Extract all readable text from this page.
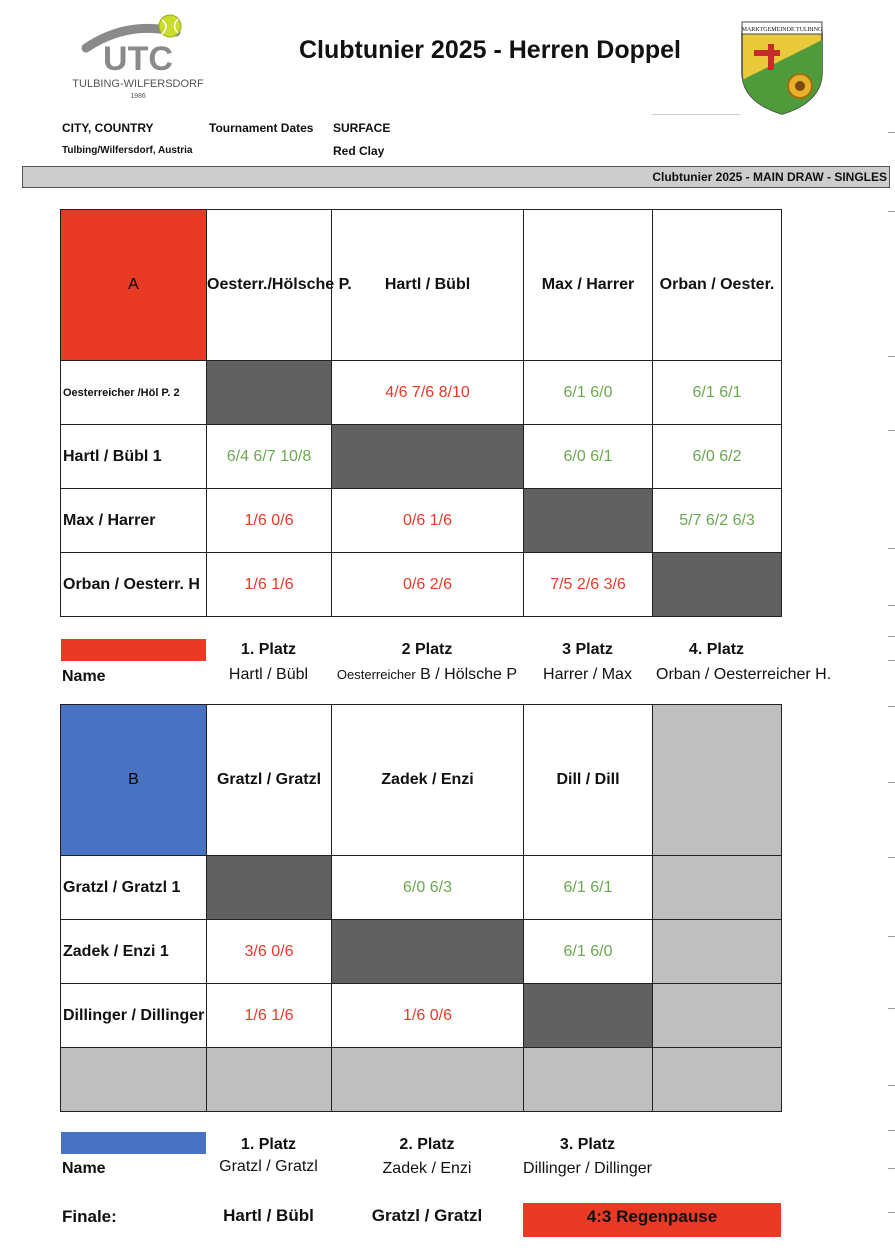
UTC
TULBING-WILFERSDORF
1986
Clubtunier 2025 - Herren Doppel
MARKTGEMEINDE TULBING
CITY, COUNTRY	Tournament Dates SURFACE
Tulbing/Wilfersdorf, Austria	Red Clay
Clubtunier 2025 - MAIN DRAW - SINGLES
A	Oesterr./Hölsche P.	Hartl / Bübl	Max / Harrer	Orban / Oester.
Oesterreicher /Höl P. 2		4/6 7/6 8/10	6/1 6/0	6/1 6/1
Hartl / Bübl 1	6/4 6/7 10/8		6/0 6/1	6/0 6/2
Max / Harrer	1/6 0/6	0/6 1/6		5/7 6/2 6/3
Orban / Oesterr. H	1/6 1/6	0/6 2/6	7/5 2/6 3/6	
1. Platz	2 Platz	3 Platz	4. Platz
Name	Hartl / Bübl	Oesterreicher B / Hölsche P	Harrer / Max	Orban / Oesterreicher H.
B	Gratzl / Gratzl	Zadek / Enzi	Dill / Dill	
Gratzl / Gratzl 1		6/0 6/3	6/1 6/1	
Zadek / Enzi 1	3/6 0/6		6/1 6/0	
Dillinger / Dillinger	1/6 1/6	1/6 0/6		

1. Platz	2. Platz	3. Platz
Name	Gratzl / Gratzl	Zadek / Enzi	Dillinger / Dillinger
Finale:	Hartl / Bübl	Gratzl / Gratzl	4:3 Regenpause
